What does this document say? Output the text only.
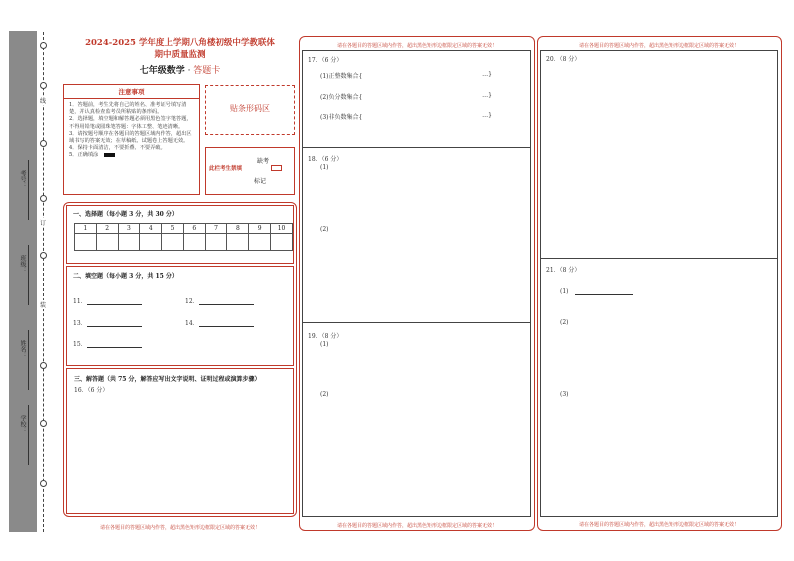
线
订
装
考号：
班级：
姓名：
学校：
2024-2025 学年度上学期八角楼初级中学教联体
期中质量监测
七年级数学 · 答题卡
注意事项
1．答题前，考生先将自己的姓名、准考证号填写清楚，并认真检查监考员所粘贴的条形码。
2．选择题，填空题和解答题必须用黑色签字笔答题，不得用铅笔或圆珠笔答题：字体工整、笔迹清晰。
3．请按题号顺序在各题目的答题区域内作答，超出区域书写的答案无效；在草稿纸、试题卷上答题无效。
4．保持卡面清洁，不要折叠、不要弄破。
5．正确填涂
贴条形码区
此栏考生禁填
缺考
标记
一、选择题（每小题 3 分，共 30 分）
1	2	3	4	5	6	7	8	9	10

二、填空题（每小题 3 分，共 15 分）
11．	12．
13．	14．
15．
三、解答题（共 75 分，解答应写出文字说明、证明过程或演算步骤）
16．（6 分）
请在各题目的答题区域内作答，超出黑色矩形边框限定区域的答案无效！
请在各题目的答题区域内作答，超出黑色矩形边框限定区域的答案无效！
17．（6 分）
(1)正整数集合{	…}
(2)负分数集合{	…}
(3)非负数集合{	…}
18．（6 分）
(1)
(2)
19．（8 分）
(1)
(2)
请在各题目的答题区域内作答，超出黑色矩形边框限定区域的答案无效！
请在各题目的答题区域内作答，超出黑色矩形边框限定区域的答案无效！
20．（8 分）
21．（8 分）
(1)
(2)
(3)
请在各题目的答题区域内作答，超出黑色矩形边框限定区域的答案无效！
